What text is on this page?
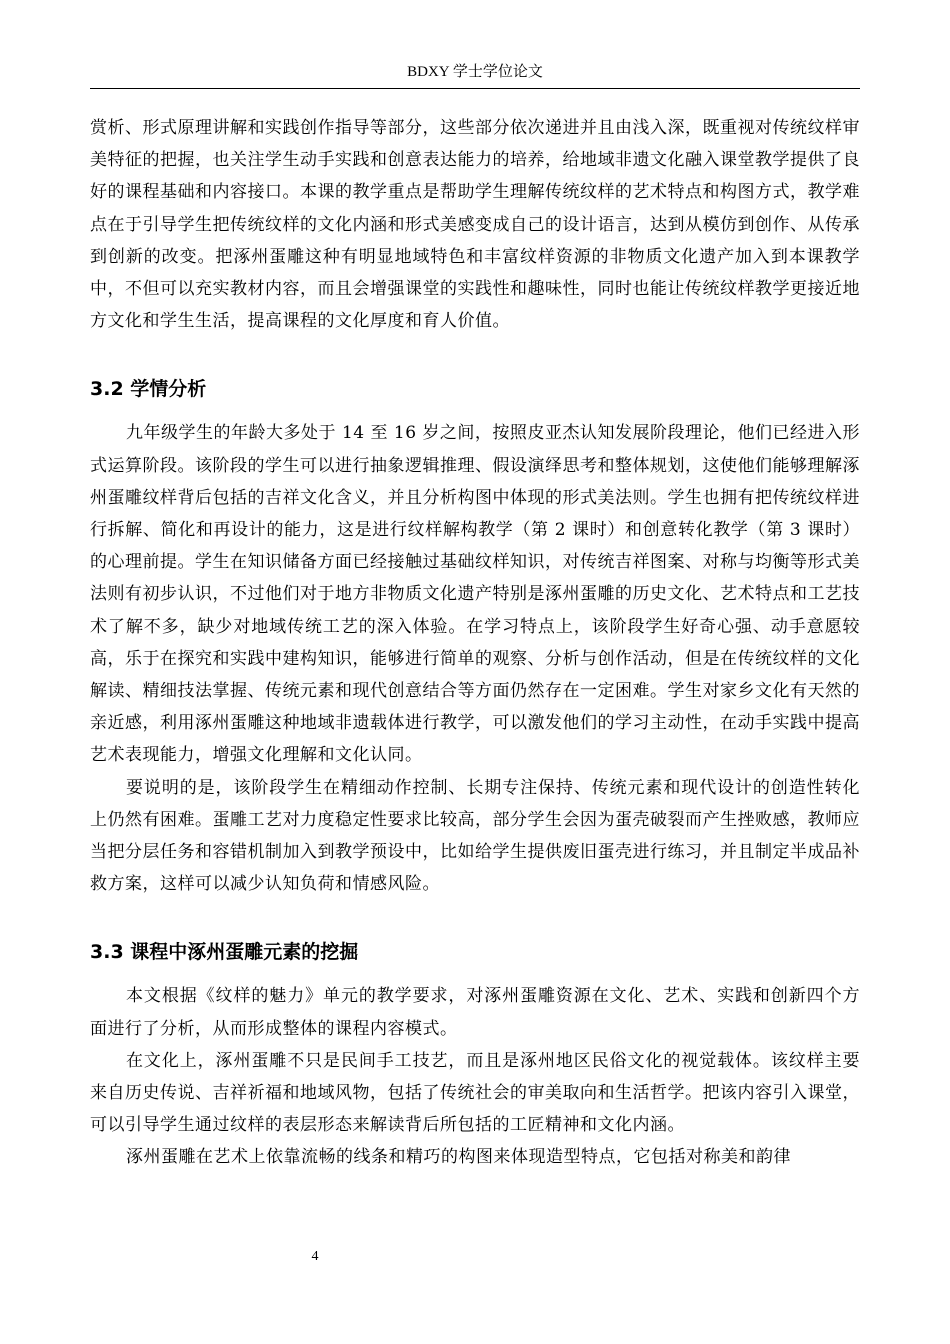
BDXY 学士学位论文

赏析、形式原理讲解和实践创作指导等部分，这些部分依次递进并且由浅入深，既重视对传统纹样审美特征的把握，也关注学生动手实践和创意表达能力的培养，给地域非遗文化融入课堂教学提供了良好的课程基础和内容接口。本课的教学重点是帮助学生理解传统纹样的艺术特点和构图方式，教学难点在于引导学生把传统纹样的文化内涵和形式美感变成自己的设计语言，达到从模仿到创作、从传承到创新的改变。把涿州蛋雕这种有明显地域特色和丰富纹样资源的非物质文化遗产加入到本课教学中，不但可以充实教材内容，而且会增强课堂的实践性和趣味性，同时也能让传统纹样教学更接近地方文化和学生生活，提高课程的文化厚度和育人价值。

3.2 学情分析

九年级学生的年龄大多处于 14 至 16 岁之间，按照皮亚杰认知发展阶段理论，他们已经进入形式运算阶段。该阶段的学生可以进行抽象逻辑推理、假设演绎思考和整体规划，这使他们能够理解涿州蛋雕纹样背后包括的吉祥文化含义，并且分析构图中体现的形式美法则。学生也拥有把传统纹样进行拆解、简化和再设计的能力，这是进行纹样解构教学（第 2 课时）和创意转化教学（第 3 课时）的心理前提。学生在知识储备方面已经接触过基础纹样知识，对传统吉祥图案、对称与均衡等形式美法则有初步认识，不过他们对于地方非物质文化遗产特别是涿州蛋雕的历史文化、艺术特点和工艺技术了解不多，缺少对地域传统工艺的深入体验。在学习特点上，该阶段学生好奇心强、动手意愿较高，乐于在探究和实践中建构知识，能够进行简单的观察、分析与创作活动，但是在传统纹样的文化解读、精细技法掌握、传统元素和现代创意结合等方面仍然存在一定困难。学生对家乡文化有天然的亲近感，利用涿州蛋雕这种地域非遗载体进行教学，可以激发他们的学习主动性，在动手实践中提高艺术表现能力，增强文化理解和文化认同。

要说明的是，该阶段学生在精细动作控制、长期专注保持、传统元素和现代设计的创造性转化上仍然有困难。蛋雕工艺对力度稳定性要求比较高，部分学生会因为蛋壳破裂而产生挫败感，教师应当把分层任务和容错机制加入到教学预设中，比如给学生提供废旧蛋壳进行练习，并且制定半成品补救方案，这样可以减少认知负荷和情感风险。

3.3 课程中涿州蛋雕元素的挖掘

本文根据《纹样的魅力》单元的教学要求，对涿州蛋雕资源在文化、艺术、实践和创新四个方面进行了分析，从而形成整体的课程内容模式。

在文化上，涿州蛋雕不只是民间手工技艺，而且是涿州地区民俗文化的视觉载体。该纹样主要来自历史传说、吉祥祈福和地域风物，包括了传统社会的审美取向和生活哲学。把该内容引入课堂，可以引导学生通过纹样的表层形态来解读背后所包括的工匠精神和文化内涵。

涿州蛋雕在艺术上依靠流畅的线条和精巧的构图来体现造型特点，它包括对称美和韵律

4
